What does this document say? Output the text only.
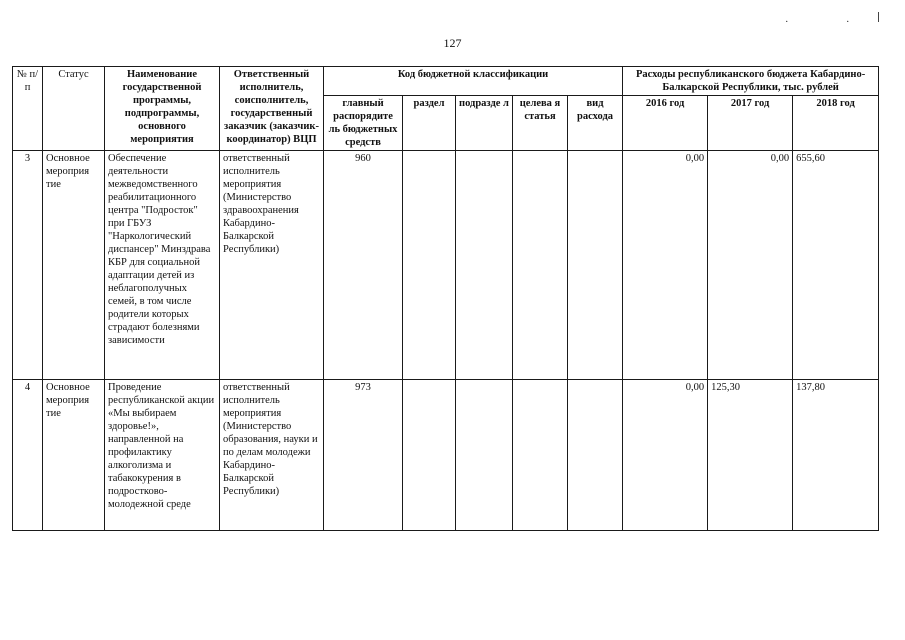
. .
127
№ п/п	Статус	Наименование государственной программы, подпрограммы, основного мероприятия	Ответственный исполнитель, соисполнитель, государственный заказчик (заказчик-координатор) ВЦП	Код бюджетной классификации					Расходы республиканского бюджета Кабардино-Балкарской Республики, тыс. рублей		
				главный распорядите ль бюджетных средств	раздел	подразде л	целева я статья	вид расхода	2016 год	2017 год	2018 год
3	Основное мероприя тие	Обеспечение деятельности межведомственного реабилитационного центра "Подросток" при ГБУЗ "Наркологический диспансер" Минздрава КБР для социальной адаптации детей из неблагополучных семей, в том числе родители которых страдают болезнями зависимости	ответственный исполнитель мероприятия (Министерство здравоохранения Кабардино-Балкарской Республики)	960					0,00	0,00	655,60
4	Основное мероприя тие	Проведение республиканской акции «Мы выбираем здоровье!», направленной на профилактику алкоголизма и табакокурения в подростково-молодежной среде	ответственный исполнитель мероприятия (Министерство образования, науки и по делам молодежи Кабардино-Балкарской Республики)	973					0,00	125,30	137,80
